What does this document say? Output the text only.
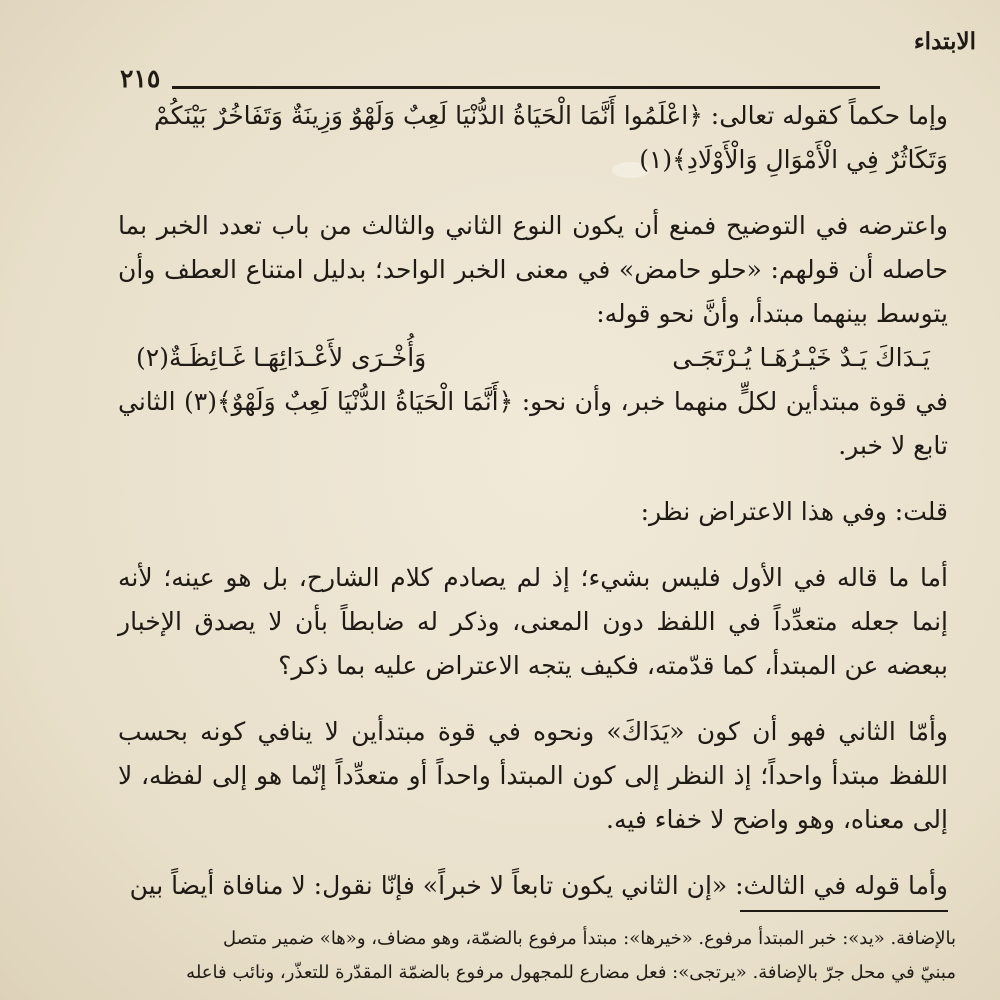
الابتداء
٢١٥

وإما حكماً كقوله تعالى: ﴿اعْلَمُوا أَنَّمَا الْحَيَاةُ الدُّنْيَا لَعِبٌ وَلَهْوٌ وَزِينَةٌ وَتَفَاخُرٌ بَيْنَكُمْ وَتَكَاثُرٌ فِي الْأَمْوَالِ وَالْأَوْلَادِ﴾(١)

واعترضه في التوضيح فمنع أن يكون النوع الثاني والثالث من باب تعدد الخبر بما حاصله أن قولهم: «حلو حامض» في معنى الخبر الواحد؛ بدليل امتناع العطف وأن يتوسط بينهما مبتدأ، وأنَّ نحو قوله:

يَـدَاكَ يَـدٌ خَيْـرُهَـا يُـرْتَجَـى
وَأُخْـرَى لأَعْـدَائِهَـا غَـائِظَـةٌ(٢)

في قوة مبتدأين لكلٍّ منهما خبر، وأن نحو: ﴿أَنَّمَا الْحَيَاةُ الدُّنْيَا لَعِبٌ وَلَهْوٌ﴾(٣) الثاني تابع لا خبر.

قلت: وفي هذا الاعتراض نظر:

أما ما قاله في الأول فليس بشيء؛ إذ لم يصادم كلام الشارح، بل هو عينه؛ لأنه إنما جعله متعدِّداً في اللفظ دون المعنى، وذكر له ضابطاً بأن لا يصدق الإخبار ببعضه عن المبتدأ، كما قدّمته، فكيف يتجه الاعتراض عليه بما ذكر؟

وأمّا الثاني فهو أن كون «يَدَاكَ» ونحوه في قوة مبتدأين لا ينافي كونه بحسب اللفظ مبتدأ واحداً؛ إذ النظر إلى كون المبتدأ واحداً أو متعدِّداً إنّما هو إلى لفظه، لا إلى معناه، وهو واضح لا خفاء فيه.

وأما قوله في الثالث: «إن الثاني يكون تابعاً لا خبراً» فإنّا نقول: لا منافاة أيضاً بين

بالإضافة. «يد»: خبر المبتدأ مرفوع. «خيرها»: مبتدأ مرفوع بالضمّة، وهو مضاف، و«ها» ضمير متصل

مبنيّ في محل جرّ بالإضافة. «يرتجى»: فعل مضارع للمجهول مرفوع بالضمّة المقدّرة للتعذّر، ونائب فاعله
